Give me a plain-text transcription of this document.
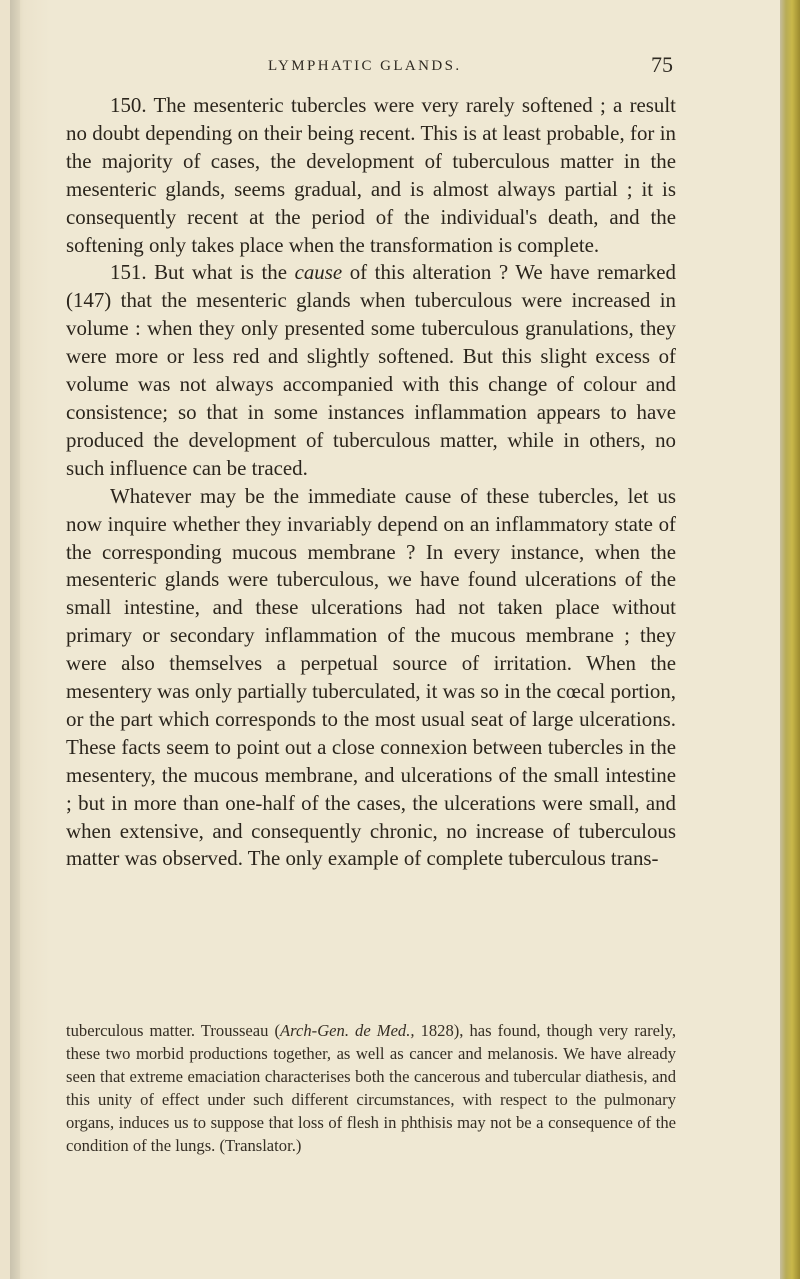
LYMPHATIC GLANDS.	75

150. The mesenteric tubercles were very rarely softened ; a result no doubt depending on their being recent. This is at least probable, for in the majority of cases, the development of tuberculous matter in the mesenteric glands, seems gradual, and is almost always partial ; it is consequently recent at the period of the individual's death, and the softening only takes place when the transformation is complete.

151. But what is the cause of this alteration ? We have remarked (147) that the mesenteric glands when tuberculous were increased in volume : when they only presented some tuberculous granulations, they were more or less red and slightly softened. But this slight excess of volume was not always accompanied with this change of colour and consistence; so that in some instances inflammation appears to have produced the development of tuberculous matter, while in others, no such influence can be traced.

Whatever may be the immediate cause of these tubercles, let us now inquire whether they invariably depend on an inflammatory state of the corresponding mucous membrane ? In every instance, when the mesenteric glands were tuberculous, we have found ulcerations of the small intestine, and these ulcerations had not taken place without primary or secondary inflammation of the mucous membrane ; they were also themselves a perpetual source of irritation. When the mesentery was only partially tuberculated, it was so in the cœcal portion, or the part which corresponds to the most usual seat of large ulcerations. These facts seem to point out a close connexion between tubercles in the mesentery, the mucous membrane, and ulcerations of the small intestine ; but in more than one-half of the cases, the ulcerations were small, and when extensive, and consequently chronic, no increase of tuberculous matter was observed. The only example of complete tuberculous trans-

tuberculous matter. Trousseau (Arch-Gen. de Med., 1828), has found, though very rarely, these two morbid productions together, as well as cancer and melanosis. We have already seen that extreme emaciation characterises both the cancerous and tubercular diathesis, and this unity of effect under such different circumstances, with respect to the pulmonary organs, induces us to suppose that loss of flesh in phthisis may not be a consequence of the condition of the lungs. (Translator.)
